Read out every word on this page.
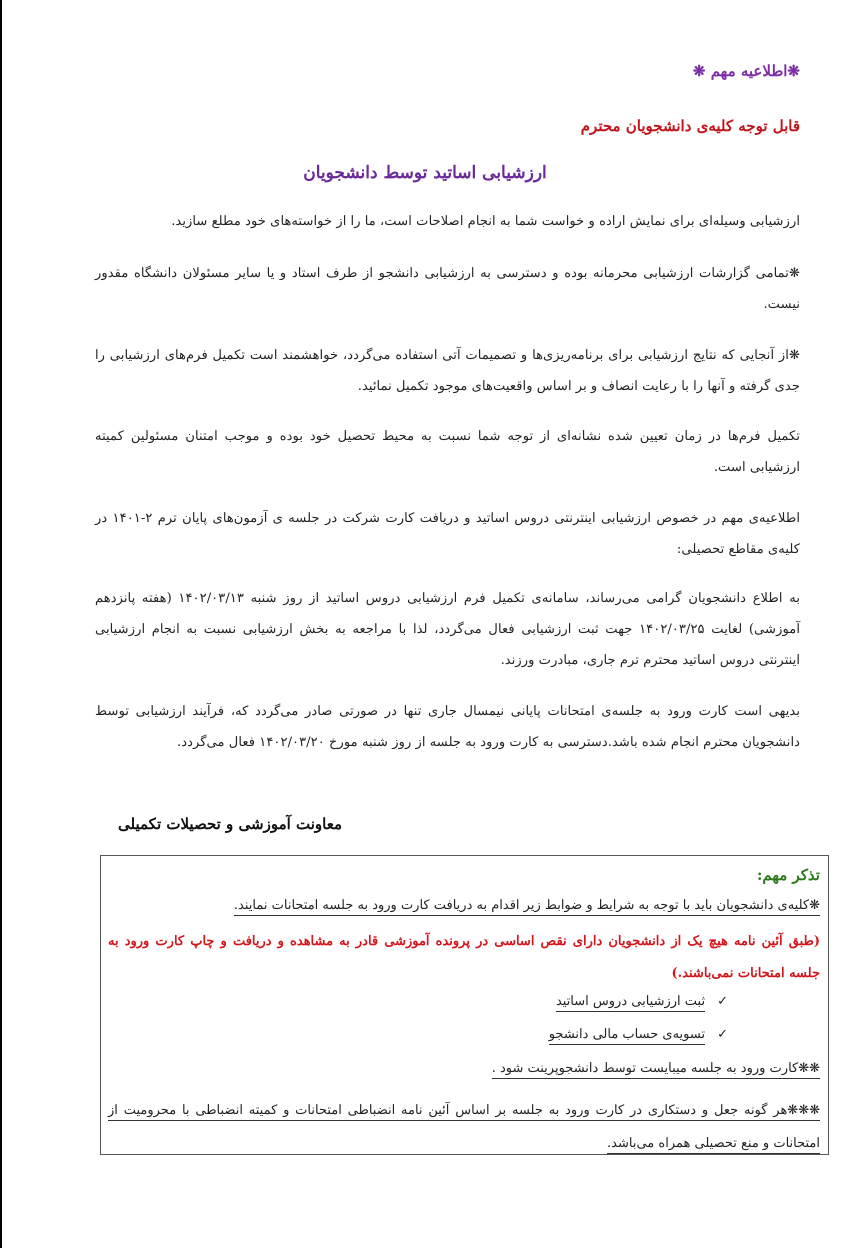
❋اطلاعیه مهم ❋
قابل توجه کلیه‌ی دانشجویان محترم
ارزشیابی اساتید توسط دانشجویان

ارزشیابی وسیله‌ای برای نمایش اراده و خواست شما به انجام اصلاحات است، ما را از خواسته‌های خود مطلع سازید.

❋تمامی گزارشات ارزشیابی محرمانه بوده و دسترسی به ارزشیابی دانشجو از طرف استاد و یا سایر مسئولان دانشگاه مقدور نیست.

❋از آنجایی که نتایج ارزشیابی برای برنامه‌ریزی‌ها و تصمیمات آتی استفاده می‌گردد، خواهشمند است تکمیل فرم‌های ارزشیابی را جدی گرفته و آنها را با رعایت انصاف و بر اساس واقعیت‌های موجود تکمیل نمائید.

تکمیل فرم‌ها در زمان تعیین شده نشانه‌ای از توجه شما نسبت به محیط تحصیل خود بوده و موجب امتنان مسئولین کمیته ارزشیابی است.

اطلاعیه‌ی مهم در خصوص ارزشیابی اینترنتی دروس اساتید و دریافت کارت شرکت در جلسه ی آزمون‌های پایان ترم ۲-۱۴۰۱ در کلیه‌ی مقاطع تحصیلی:

به اطلاع دانشجویان گرامی می‌رساند، سامانه‌ی تکمیل فرم ارزشیابی دروس اساتید از روز شنبه ۱۴۰۲/۰۳/۱۳ (هفته پانزدهم آموزشی) لغایت ۱۴۰۲/۰۳/۲۵ جهت ثبت ارزشیابی فعال می‌گردد، لذا با مراجعه به بخش ارزشیابی نسبت به انجام ارزشیابی اینترنتی دروس اساتید محترم ترم جاری، مبادرت ورزند.

بدیهی است کارت ورود به جلسه‌ی امتحانات پایانی نیمسال جاری تنها در صورتی صادر می‌گردد که، فرآیند ارزشیابی توسط دانشجویان محترم انجام شده باشد.دسترسی به کارت ورود به جلسه از روز شنبه مورخ ۱۴۰۲/۰۳/۲۰ فعال می‌گردد.

معاونت آموزشی و تحصیلات تکمیلی
تذکر مهم:
❋کلیه‌ی دانشجویان باید با توجه به شرایط و ضوابط زیر اقدام به دریافت کارت ورود به جلسه امتحانات نمایند.
(طبق آئین نامه هیچ یک از دانشجویان دارای نقص اساسی در پرونده آموزشی قادر به مشاهده و دریافت و چاپ کارت ورود به جلسه امتحانات نمی‌باشند.)
✓ثبت ارزشیابی دروس اساتید
✓تسویه‌ی حساب مالی دانشجو
❋❋کارت ورود به جلسه میبایست توسط دانشجوپرینت شود .
❋❋❋هر گونه جعل و دستکاری در کارت ورود به جلسه بر اساس آئین نامه انضباطی امتحانات و کمیته انضباطی با محرومیت از امتحانات و منع تحصیلی همراه می‌باشد.
